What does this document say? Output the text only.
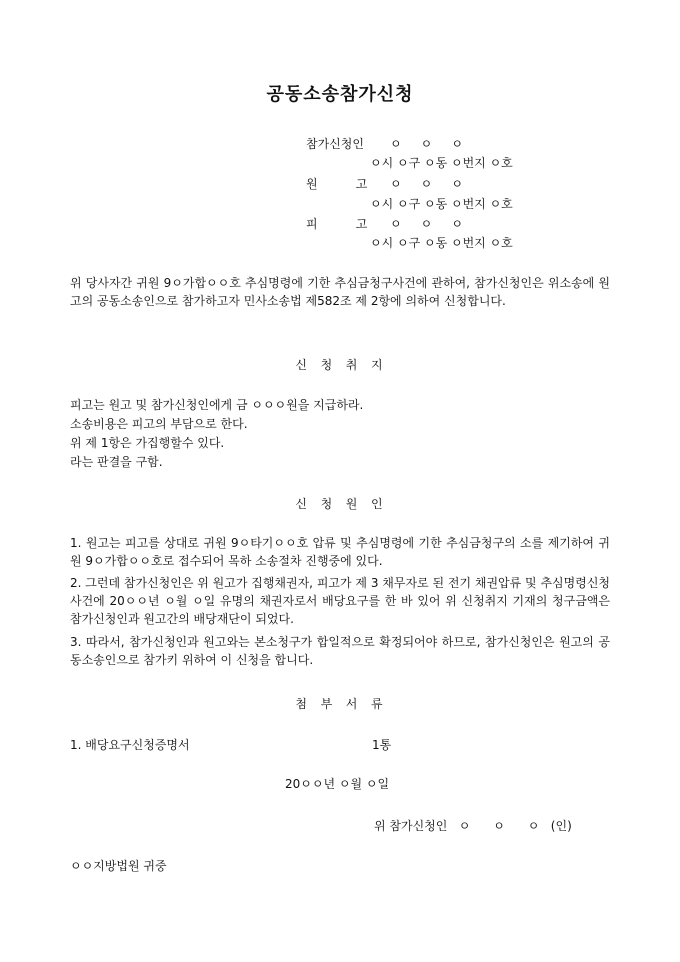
공동소송참가신청
참가신청인 ㅇ     ㅇ     ㅇ
ㅇ시 ㅇ구 ㅇ동 ㅇ번지 ㅇ호
원          고 ㅇ     ㅇ     ㅇ
ㅇ시 ㅇ구 ㅇ동 ㅇ번지 ㅇ호
피          고 ㅇ     ㅇ     ㅇ
ㅇ시 ㅇ구 ㅇ동 ㅇ번지 ㅇ호
위 당사자간 귀원 9ㅇ가합ㅇㅇ호 추심명령에 기한 추심금청구사건에 관하여, 참가신청인은 위소송에 원고의 공동소송인으로 참가하고자 민사소송법 제582조 제 2항에 의하여 신청합니다.
신  청  취  지
피고는 원고 및 참가신청인에게 금 ㅇㅇㅇ원을 지급하라.
소송비용은 피고의 부담으로 한다.
위 제 1항은 가집행할수 있다.
라는 판결을 구함.
신  청  원  인
1. 원고는 피고를 상대로 귀원 9ㅇ타기ㅇㅇ호 압류 및 추심명령에 기한 추심금청구의 소를 제기하여 귀원 9ㅇ가합ㅇㅇ호로 접수되어 목하 소송절차 진행중에 있다.
2. 그런데 참가신청인은 위 원고가 집행채권자, 피고가 제 3 채무자로 된 전기 채권압류 및 추심명령신청사건에 20ㅇㅇ년 ㅇ월 ㅇ일 유명의 채권자로서 배당요구를 한 바 있어 위 신청취지 기재의 청구금액은 참가신청인과 원고간의 배당재단이 되었다.
3. 따라서, 참가신청인과 원고와는 본소청구가 합일적으로 확정되어야 하므로, 참가신청인은 원고의 공동소송인으로 참가키 위하여 이 신청을 합니다.
첨  부  서  류
1. 배당요구신청증명서	1통
20ㅇㅇ년 ㅇ월 ㅇ일
위 참가신청인   ㅇ      ㅇ      ㅇ   (인)
ㅇㅇ지방법원 귀중
